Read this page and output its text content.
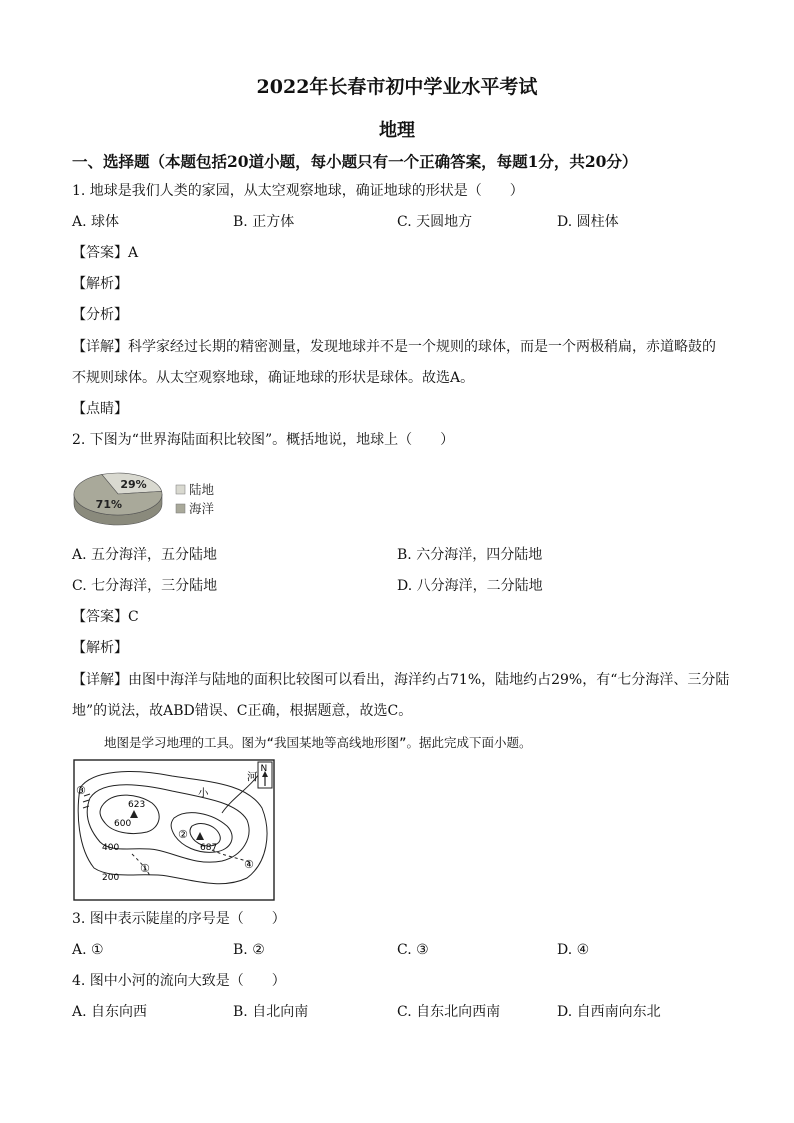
2022年长春市初中学业水平考试
地理
一、选择题（本题包括20道小题，每小题只有一个正确答案，每题1分，共20分）
1. 地球是我们人类的家园，从太空观察地球，确证地球的形状是（　　）
A. 球体	B. 正方体	C. 天圆地方	D. 圆柱体
【答案】A
【解析】
【分析】
【详解】科学家经过长期的精密测量，发现地球并不是一个规则的球体，而是一个两极稍扁，赤道略鼓的
不规则球体。从太空观察地球，确证地球的形状是球体。故选A。
【点睛】
2. 下图为“世界海陆面积比较图”。概括地说，地球上（　　）
29%
71%
陆地
海洋
A. 五分海洋，五分陆地	B. 六分海洋，四分陆地
C. 七分海洋，三分陆地	D. 八分海洋，二分陆地
【答案】C
【解析】
【详解】由图中海洋与陆地的面积比较图可以看出，海洋约占71%，陆地约占29%，有“七分海洋、三分陆
地”的说法，故ABD错误、C正确，根据题意，故选C。
地图是学习地理的工具。图为“我国某地等高线地形图”。据此完成下面小题。
N
河
小
623
687
600
400
200
①
②
③
④
3. 图中表示陡崖的序号是（　　）
A. ①	B. ②	C. ③	D. ④
4. 图中小河的流向大致是（　　）
A. 自东向西	B. 自北向南	C. 自东北向西南	D. 自西南向东北
